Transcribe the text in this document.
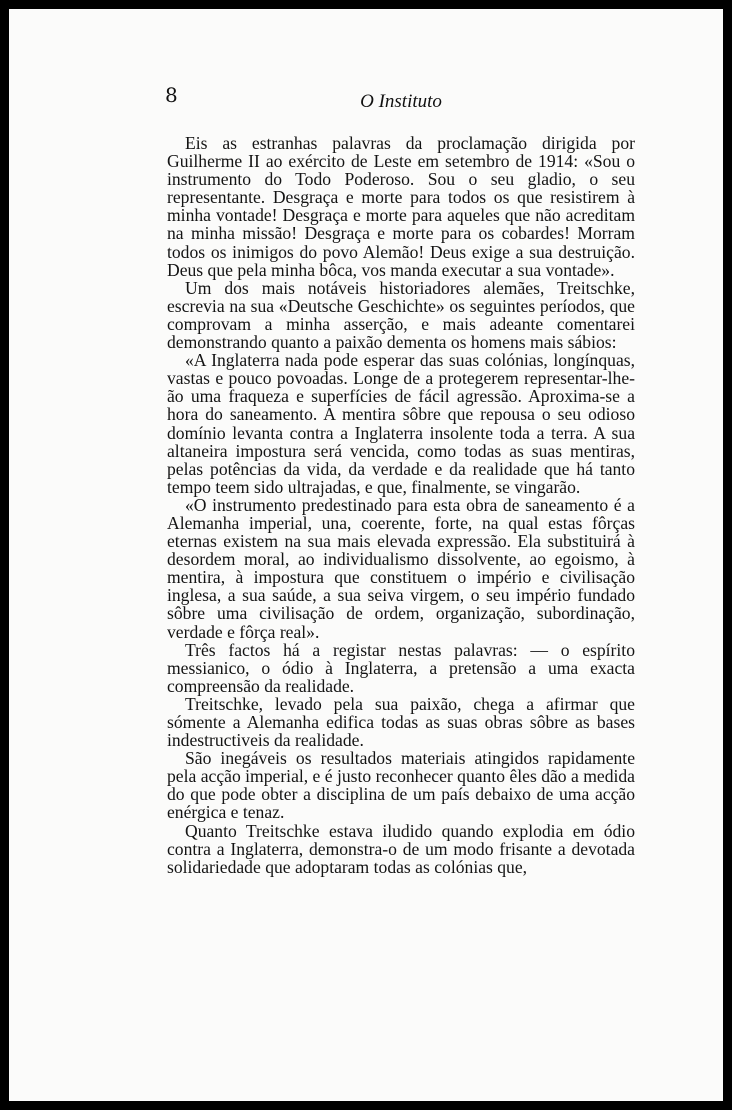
8	O Instituto

Eis as estranhas palavras da proclamação dirigida por Guilherme II ao exército de Leste em setembro de 1914: «Sou o instrumento do Todo Poderoso. Sou o seu gladio, o seu representante. Desgraça e morte para todos os que resistirem à minha vontade! Desgraça e morte para aqueles que não acreditam na minha missão! Desgraça e morte para os cobardes! Morram todos os inimigos do povo Alemão! Deus exige a sua destruição. Deus que pela minha bôca, vos manda executar a sua vontade».

Um dos mais notáveis historiadores alemães, Treitschke, escrevia na sua «Deutsche Geschichte» os seguintes períodos, que comprovam a minha asserção, e mais adeante comentarei demonstrando quanto a paixão dementa os homens mais sábios:

«A Inglaterra nada pode esperar das suas colónias, longínquas, vastas e pouco povoadas. Longe de a protegerem representar-lhe-ão uma fraqueza e superfícies de fácil agressão. Aproxima-se a hora do saneamento. A mentira sôbre que repousa o seu odioso domínio levanta contra a Inglaterra insolente toda a terra. A sua altaneira impostura será vencida, como todas as suas mentiras, pelas potências da vida, da verdade e da realidade que há tanto tempo teem sido ultrajadas, e que, finalmente, se vingarão.

«O instrumento predestinado para esta obra de saneamento é a Alemanha imperial, una, coerente, forte, na qual estas fôrças eternas existem na sua mais elevada expressão. Ela substituirá à desordem moral, ao individualismo dissolvente, ao egoismo, à mentira, à impostura que constituem o império e civilisação inglesa, a sua saúde, a sua seiva virgem, o seu império fundado sôbre uma civilisação de ordem, organização, subordinação, verdade e fôrça real».

Três factos há a registar nestas palavras: — o espírito messianico, o ódio à Inglaterra, a pretensão a uma exacta compreensão da realidade.

Treitschke, levado pela sua paixão, chega a afirmar que sómente a Alemanha edifica todas as suas obras sôbre as bases indestructiveis da realidade.

São inegáveis os resultados materiais atingidos rapidamente pela acção imperial, e é justo reconhecer quanto êles dão a medida do que pode obter a disciplina de um país debaixo de uma acção enérgica e tenaz.

Quanto Treitschke estava iludido quando explodia em ódio contra a Inglaterra, demonstra-o de um modo frisante a devotada solidariedade que adoptaram todas as colónias que,
